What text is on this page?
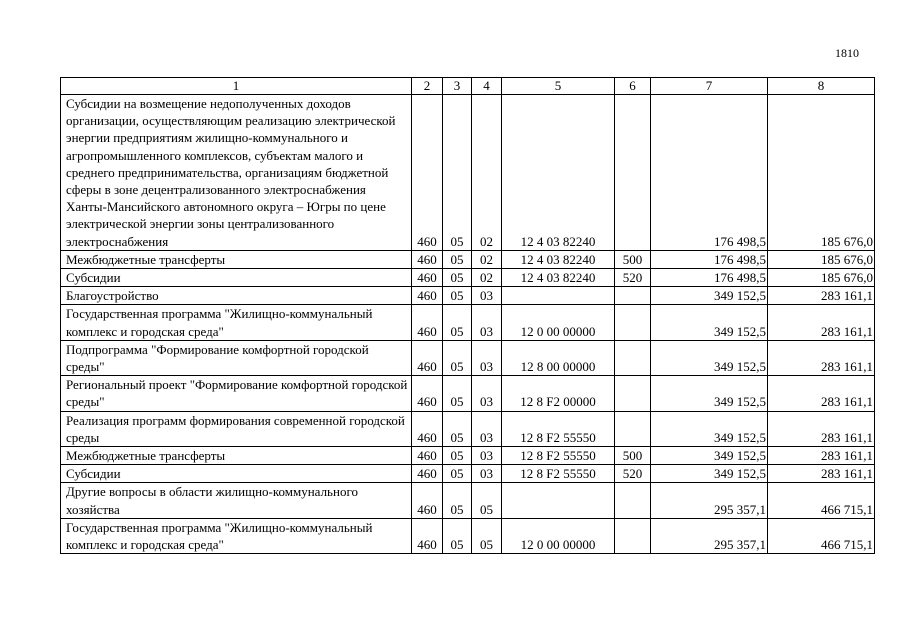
1810
1	2	3	4	5	6	7	8
Субсидии на возмещение недополученных доходов организации, осуществляющим реализацию электрической энергии предприятиям жилищно-коммунального и агропромышленного комплексов, субъектам малого и среднего предпринимательства, организациям бюджетной сферы в зоне децентрализованного электроснабжения Ханты-Мансийского автономного округа – Югры по цене электрической энергии зоны централизованного электроснабжения	460	05	02	12 4 03 82240		176 498,5	185 676,0
Межбюджетные трансферты	460	05	02	12 4 03 82240	500	176 498,5	185 676,0
Субсидии	460	05	02	12 4 03 82240	520	176 498,5	185 676,0
Благоустройство	460	05	03			349 152,5	283 161,1
Государственная программа "Жилищно-коммунальный комплекс и городская среда"	460	05	03	12 0 00 00000		349 152,5	283 161,1
Подпрограмма "Формирование комфортной городской среды"	460	05	03	12 8 00 00000		349 152,5	283 161,1
Региональный проект "Формирование комфортной городской среды"	460	05	03	12 8 F2 00000		349 152,5	283 161,1
Реализация программ формирования современной городской среды	460	05	03	12 8 F2 55550		349 152,5	283 161,1
Межбюджетные трансферты	460	05	03	12 8 F2 55550	500	349 152,5	283 161,1
Субсидии	460	05	03	12 8 F2 55550	520	349 152,5	283 161,1
Другие вопросы в области жилищно-коммунального хозяйства	460	05	05			295 357,1	466 715,1
Государственная программа "Жилищно-коммунальный комплекс и городская среда"	460	05	05	12 0 00 00000		295 357,1	466 715,1
